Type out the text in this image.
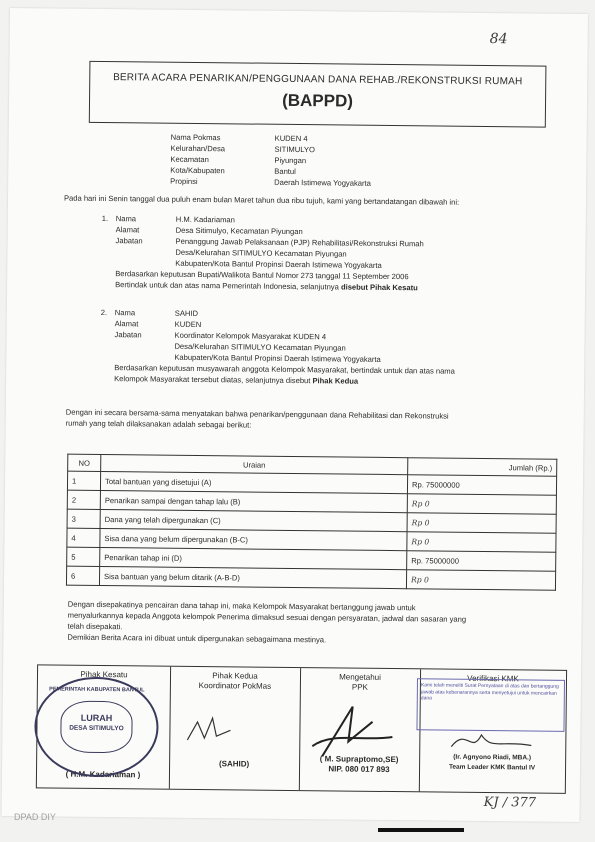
84
BERITA ACARA PENARIKAN/PENGGUNAAN DANA REHAB./REKONSTRUKSI RUMAH
(BAPPD)
Nama Pokmas	KUDEN 4
Kelurahan/Desa	SITIMULYO
Kecamatan	Piyungan
Kota/Kabupaten	Bantul
Propinsi	Daerah Istimewa Yogyakarta
Pada hari ini Senin tanggal dua puluh enam bulan Maret tahun dua ribu tujuh, kami yang bertandatangan dibawah ini:
1. Nama	H.M. Kadariaman
Alamat	Desa Sitimulyo, Kecamatan Piyungan
Jabatan	Penanggung Jawab Pelaksanaan (PJP) Rehabilitasi/Rekonstruksi Rumah
Desa/Kelurahan SITIMULYO Kecamatan Piyungan
Kabupaten/Kota Bantul Propinsi Daerah Istimewa Yogyakarta
Berdasarkan keputusan Bupati/Walikota Bantul Nomor 273 tanggal 11 September 2006
Bertindak untuk dan atas nama Pemerintah Indonesia, selanjutnya disebut Pihak Kesatu
2. Nama	SAHID
Alamat	KUDEN
Jabatan	Koordinator Kelompok Masyarakat KUDEN 4
Desa/Kelurahan SITIMULYO Kecamatan Piyungan
Kabupaten/Kota Bantul Propinsi Daerah Istimewa Yogyakarta
Berdasarkan keputusan musyawarah anggota Kelompok Masyarakat, bertindak untuk dan atas nama
Kelompok Masyarakat tersebut diatas, selanjutnya disebut Pihak Kedua
Dengan ini secara bersama-sama menyatakan bahwa penarikan/penggunaan dana Rehabilitasi dan Rekonstruksi
rumah yang telah dilaksanakan adalah sebagai berikut:
NO	Uraian	Jumlah (Rp.)
1	Total bantuan yang disetujui (A)	Rp. 75000000
2	Penarikan sampai dengan tahap lalu (B)	Rp 0
3	Dana yang telah dipergunakan (C)	Rp 0
4	Sisa dana yang belum dipergunakan (B-C)	Rp 0
5	Penarikan tahap ini (D)	Rp. 75000000
6	Sisa bantuan yang belum ditarik (A-B-D)	Rp 0
Dengan disepakatinya pencairan dana tahap ini, maka Kelompok Masyarakat bertanggung jawab untuk
menyalurkannya kepada Anggota kelompok Penerima dimaksud sesuai dengan persyaratan, jadwal dan sasaran yang
telah disepakati.
Demikian Berita Acara ini dibuat untuk dipergunakan sebagaimana mestinya.
Pihak Kesatu
( H.M. Kadariaman )
Pihak Kedua
Koordinator PokMas
(SAHID)
Mengetahui
PPK
( M. Supraptomo,SE)
NIP. 080 017 893
Verifikasi KMK
(Ir. Agnyono Riadi, MBA.)
Team Leader KMK Bantul IV
PEMERINTAH KABUPATEN BANTUL
LURAH
DESA SITIMULYO
Kami telah meneliti Surat Pernyataan di atas dan bertanggung jawab atas kebenarannya serta menyetujui untuk mencairkan dana
KJ / 377
DPAD DIY
